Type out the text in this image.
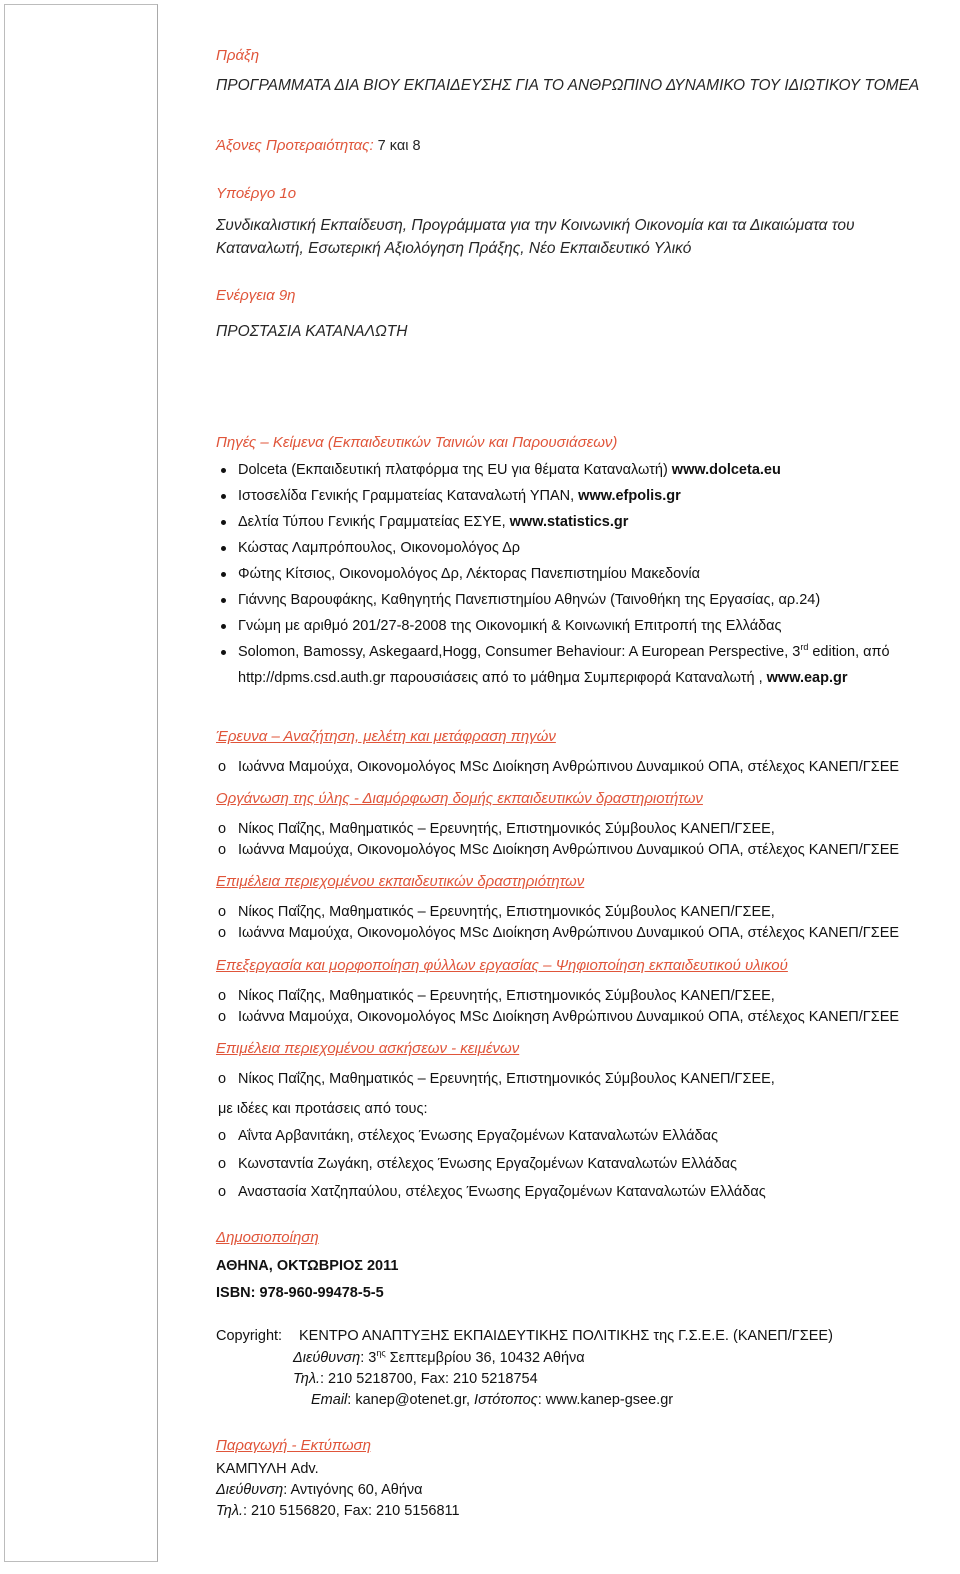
Πράξη
ΠΡΟΓΡΑΜΜΑΤΑ ΔΙΑ ΒΙΟΥ ΕΚΠΑΙΔΕΥΣΗΣ ΓΙΑ ΤΟ ΑΝΘΡΩΠΙΝΟ ΔΥΝΑΜΙΚΟ ΤΟΥ ΙΔΙΩΤΙΚΟΥ ΤΟΜΕΑ
Άξονες Προτεραιότητας: 7 και 8
Υποέργο 1ο
Συνδικαλιστική Εκπαίδευση, Προγράμματα για την Κοινωνική Οικονομία και τα Δικαιώματα του Καταναλωτή, Εσωτερική Αξιολόγηση Πράξης, Νέο Εκπαιδευτικό Υλικό
Ενέργεια 9η
ΠΡΟΣΤΑΣΙΑ ΚΑΤΑΝΑΛΩΤΗ
Πηγές – Κείμενα (Εκπαιδευτικών Ταινιών και Παρουσιάσεων)
Dolceta (Εκπαιδευτική πλατφόρμα της EU για θέματα Καταναλωτή) www.dolceta.eu
Ιστοσελίδα Γενικής Γραμματείας Καταναλωτή ΥΠΑΝ, www.efpolis.gr
Δελτία Τύπου Γενικής Γραμματείας ΕΣΥΕ, www.statistics.gr
Κώστας Λαμπρόπουλος, Οικονομολόγος Δρ
Φώτης Κίτσιος, Οικονομολόγος Δρ, Λέκτορας Πανεπιστημίου Μακεδονία
Γιάννης Βαρουφάκης, Καθηγητής Πανεπιστημίου Αθηνών (Ταινοθήκη της Εργασίας, αρ.24)
Γνώμη με αριθμό 201/27-8-2008 της Οικονομική & Κοινωνική Επιτροπή της Ελλάδας
Solomon, Bamossy, Askegaard,Hogg, Consumer Behaviour: A European Perspective, 3rd edition, από
http://dpms.csd.auth.gr παρουσιάσεις από το μάθημα Συμπεριφορά Καταναλωτή , www.eap.gr
Έρευνα – Αναζήτηση, μελέτη και μετάφραση πηγών
o Ιωάννα Μαμούχα, Οικονομολόγος MSc Διοίκηση Ανθρώπινου Δυναμικού ΟΠΑ, στέλεχος ΚΑΝΕΠ/ΓΣΕΕ
Οργάνωση της ύλης - Διαμόρφωση δομής εκπαιδευτικών δραστηριοτήτων
o Νίκος Παΐζης, Μαθηματικός – Ερευνητής, Επιστημονικός Σύμβουλος ΚΑΝΕΠ/ΓΣΕΕ,
o Ιωάννα Μαμούχα, Οικονομολόγος MSc Διοίκηση Ανθρώπινου Δυναμικού ΟΠΑ, στέλεχος ΚΑΝΕΠ/ΓΣΕΕ
Επιμέλεια περιεχομένου εκπαιδευτικών δραστηριότητων
o Νίκος Παΐζης, Μαθηματικός – Ερευνητής, Επιστημονικός Σύμβουλος ΚΑΝΕΠ/ΓΣΕΕ,
o Ιωάννα Μαμούχα, Οικονομολόγος MSc Διοίκηση Ανθρώπινου Δυναμικού ΟΠΑ, στέλεχος ΚΑΝΕΠ/ΓΣΕΕ
Επεξεργασία και μορφοποίηση φύλλων εργασίας – Ψηφιοποίηση εκπαιδευτικού υλικού
o Νίκος Παΐζης, Μαθηματικός – Ερευνητής, Επιστημονικός Σύμβουλος ΚΑΝΕΠ/ΓΣΕΕ,
o Ιωάννα Μαμούχα, Οικονομολόγος MSc Διοίκηση Ανθρώπινου Δυναμικού ΟΠΑ, στέλεχος ΚΑΝΕΠ/ΓΣΕΕ
Επιμέλεια περιεχομένου ασκήσεων - κειμένων
o Νίκος Παΐζης, Μαθηματικός – Ερευνητής, Επιστημονικός Σύμβουλος ΚΑΝΕΠ/ΓΣΕΕ,
με ιδέες και προτάσεις από τους:
o Αΐντα Αρβανιτάκη, στέλεχος Ένωσης Εργαζομένων Καταναλωτών Ελλάδας
o Κωνσταντία Ζωγάκη, στέλεχος Ένωσης Εργαζομένων Καταναλωτών Ελλάδας
o Αναστασία Χατζηπαύλου, στέλεχος Ένωσης Εργαζομένων Καταναλωτών Ελλάδας
Δημοσιοποίηση
ΑΘΗΝΑ, ΟΚΤΩΒΡΙΟΣ 2011
ISBN: 978-960-99478-5-5
Copyright: ΚΕΝΤΡΟ ΑΝΑΠΤΥΞΗΣ ΕΚΠΑΙΔΕΥΤΙΚΗΣ ΠΟΛΙΤΙΚΗΣ της Γ.Σ.Ε.Ε. (ΚΑΝΕΠ/ΓΣΕΕ)
Διεύθυνση: $3^{\eta\varsigma}$ Σεπτεμβρίου 36, 10432 Αθήνα
Τηλ.: 210 5218700, Fax: 210 5218754
Email: kanep@otenet.gr, Ιστότοπος: www.kanep-gsee.gr
Παραγωγή - Εκτύπωση
ΚΑΜΠΥΛΗ Adv.
Διεύθυνση: Αντιγόνης 60, Αθήνα
Τηλ.: 210 5156820, Fax: 210 5156811
